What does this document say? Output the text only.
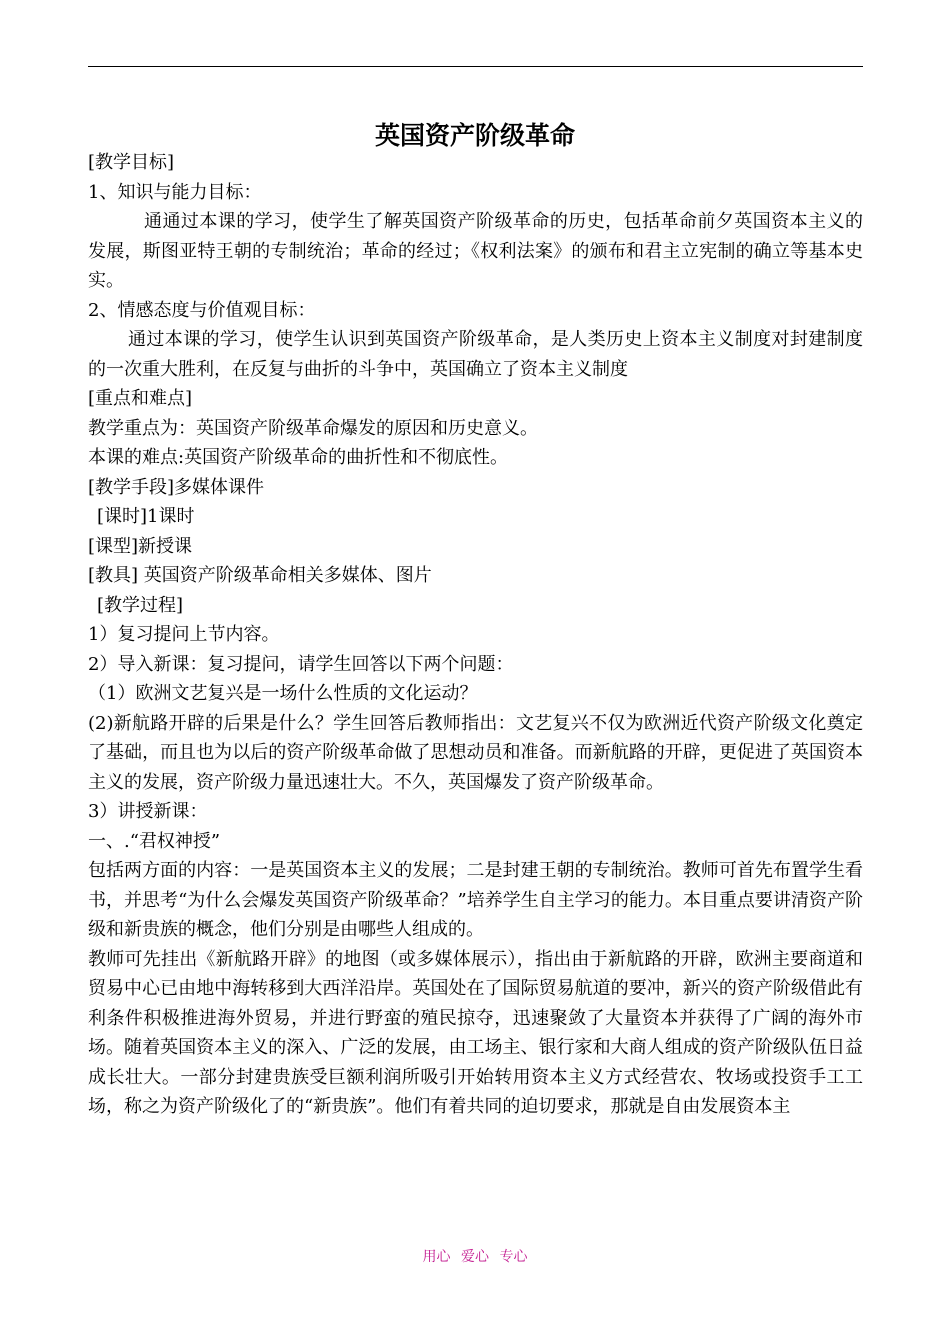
英国资产阶级革命

[教学目标]

1、知识与能力目标：

通通过本课的学习，使学生了解英国资产阶级革命的历史，包括革命前夕英国资本主义的发展，斯图亚特王朝的专制统治；革命的经过；《权利法案》的颁布和君主立宪制的确立等基本史实。

2、情感态度与价值观目标：

通过本课的学习，使学生认识到英国资产阶级革命，是人类历史上资本主义制度对封建制度的一次重大胜利，在反复与曲折的斗争中，英国确立了资本主义制度

[重点和难点]

教学重点为：英国资产阶级革命爆发的原因和历史意义。

本课的难点:英国资产阶级革命的曲折性和不彻底性。

[教学手段]多媒体课件

[课时]1课时

[课型]新授课

[教具] 英国资产阶级革命相关多媒体、图片

[教学过程]

1）复习提问上节内容。

2）导入新课：复习提问，请学生回答以下两个问题：

（1）欧洲文艺复兴是一场什么性质的文化运动？

(2)新航路开辟的后果是什么？学生回答后教师指出：文艺复兴不仅为欧洲近代资产阶级文化奠定了基础，而且也为以后的资产阶级革命做了思想动员和准备。而新航路的开辟，更促进了英国资本主义的发展，资产阶级力量迅速壮大。不久，英国爆发了资产阶级革命。

3）讲授新课：

一、.“君权神授”

包括两方面的内容：一是英国资本主义的发展；二是封建王朝的专制统治。教师可首先布置学生看书，并思考“为什么会爆发英国资产阶级革命？”培养学生自主学习的能力。本目重点要讲清资产阶级和新贵族的概念，他们分别是由哪些人组成的。

教师可先挂出《新航路开辟》的地图（或多媒体展示），指出由于新航路的开辟，欧洲主要商道和贸易中心已由地中海转移到大西洋沿岸。英国处在了国际贸易航道的要冲，新兴的资产阶级借此有利条件积极推进海外贸易，并进行野蛮的殖民掠夺，迅速聚敛了大量资本并获得了广阔的海外市场。随着英国资本主义的深入、广泛的发展，由工场主、银行家和大商人组成的资产阶级队伍日益成长壮大。一部分封建贵族受巨额利润所吸引开始转用资本主义方式经营农、牧场或投资手工工场，称之为资产阶级化了的“新贵族”。他们有着共同的迫切要求，那就是自由发展资本主

用心 爱心 专心
